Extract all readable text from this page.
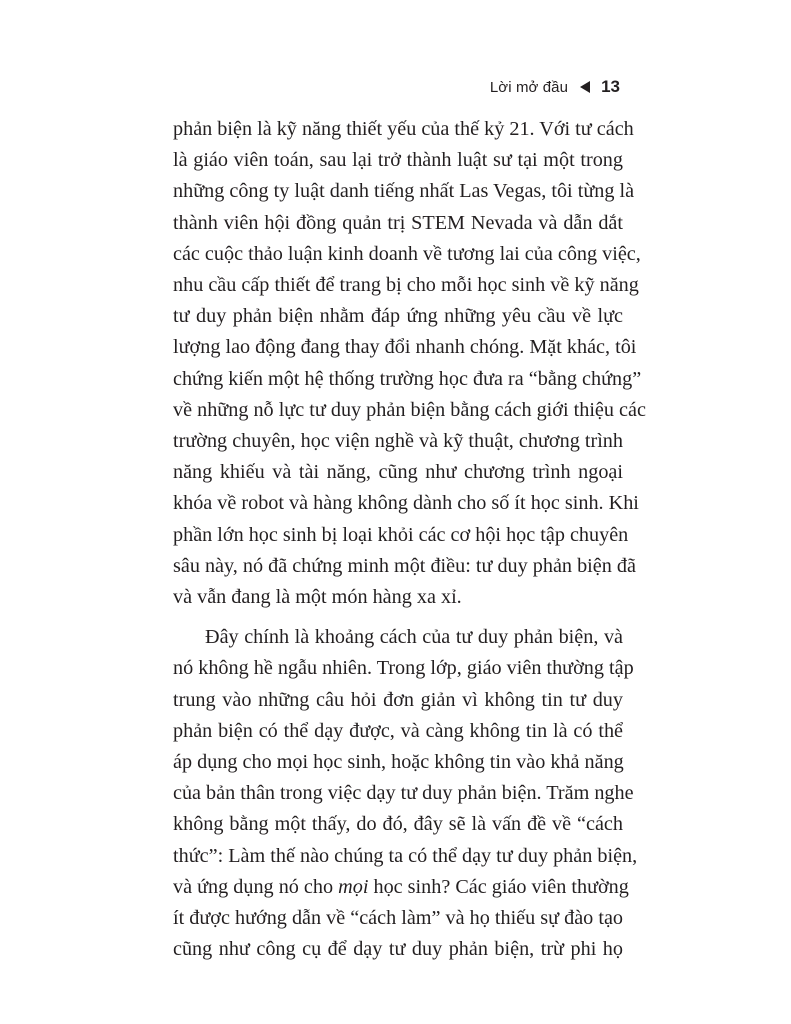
Lời mở đầu 13
phản biện là kỹ năng thiết yếu của thế kỷ 21. Với tư cách
là giáo viên toán, sau lại trở thành luật sư tại một trong
những công ty luật danh tiếng nhất Las Vegas, tôi từng là
thành viên hội đồng quản trị STEM Nevada và dẫn dắt
các cuộc thảo luận kinh doanh về tương lai của công việc,
nhu cầu cấp thiết để trang bị cho mỗi học sinh về kỹ năng
tư duy phản biện nhằm đáp ứng những yêu cầu về lực
lượng lao động đang thay đổi nhanh chóng. Mặt khác, tôi
chứng kiến một hệ thống trường học đưa ra “bằng chứng”
về những nỗ lực tư duy phản biện bằng cách giới thiệu các
trường chuyên, học viện nghề và kỹ thuật, chương trình
năng khiếu và tài năng, cũng như chương trình ngoại
khóa về robot và hàng không dành cho số ít học sinh. Khi
phần lớn học sinh bị loại khỏi các cơ hội học tập chuyên
sâu này, nó đã chứng minh một điều: tư duy phản biện đã
và vẫn đang là một món hàng xa xỉ.
Đây chính là khoảng cách của tư duy phản biện, và
nó không hề ngẫu nhiên. Trong lớp, giáo viên thường tập
trung vào những câu hỏi đơn giản vì không tin tư duy
phản biện có thể dạy được, và càng không tin là có thể
áp dụng cho mọi học sinh, hoặc không tin vào khả năng
của bản thân trong việc dạy tư duy phản biện. Trăm nghe
không bằng một thấy, do đó, đây sẽ là vấn đề về “cách
thức”: Làm thế nào chúng ta có thể dạy tư duy phản biện,
và ứng dụng nó cho mọi học sinh? Các giáo viên thường
ít được hướng dẫn về “cách làm” và họ thiếu sự đào tạo
cũng như công cụ để dạy tư duy phản biện, trừ phi họ
